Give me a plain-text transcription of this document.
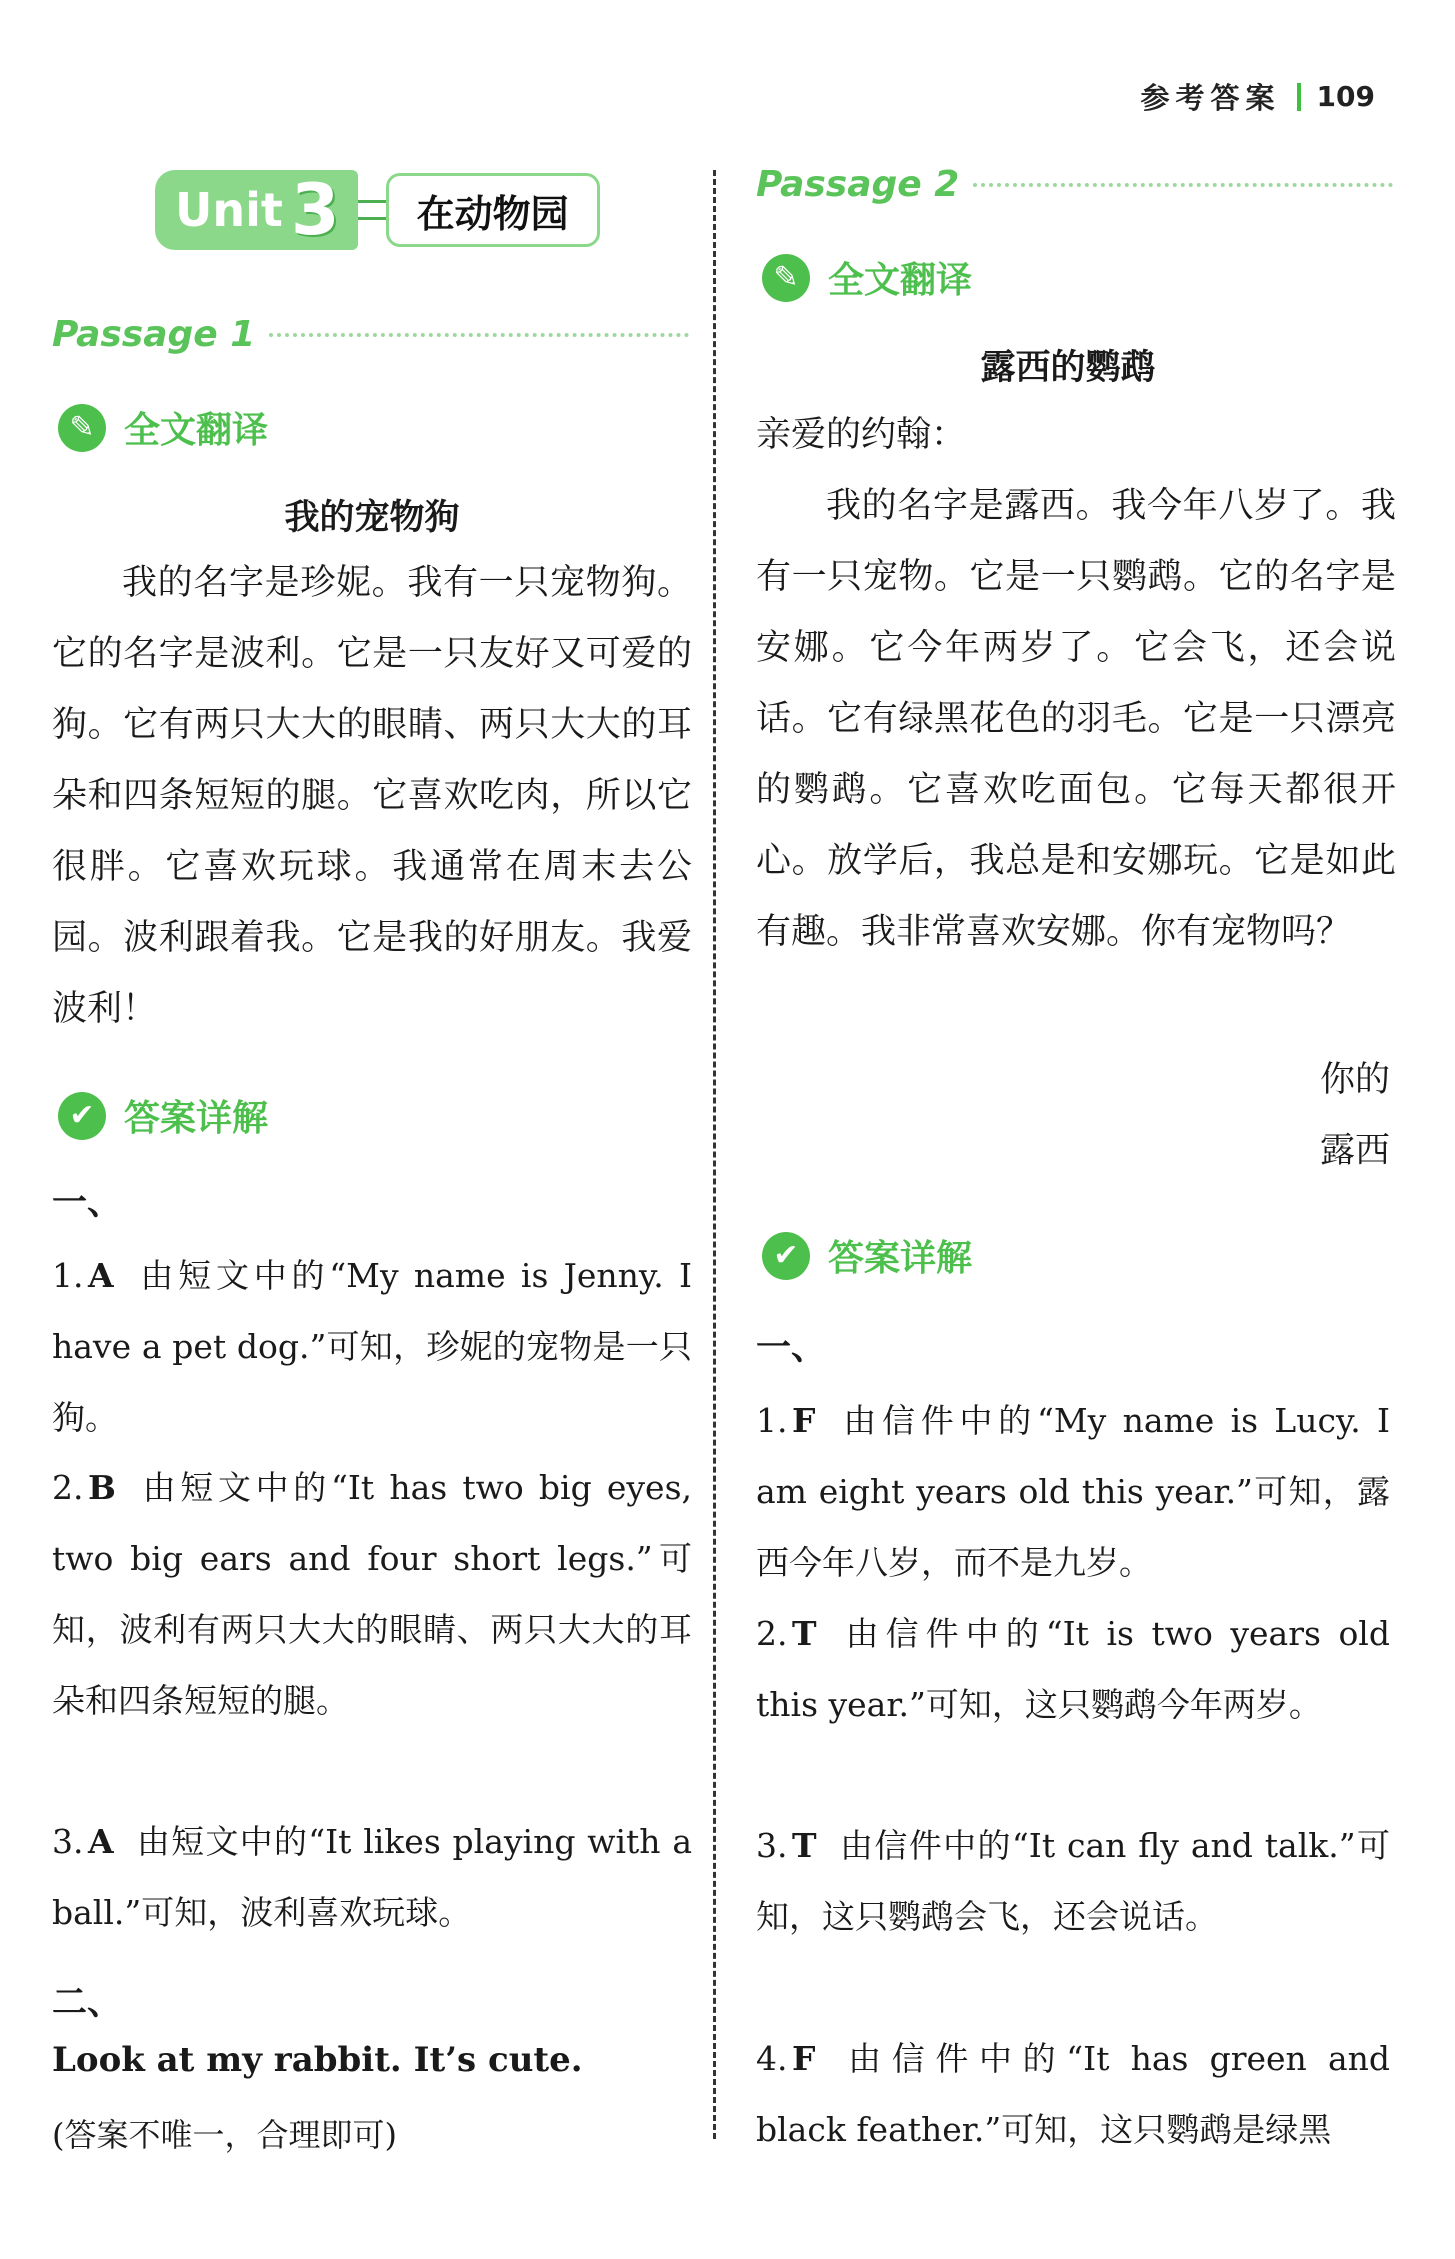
参考答案 109
Unit 3	在动物园
Passage 1
✎ 全文翻译
我的宠物狗

我的名字是珍妮。我有一只宠物狗。它的名字是波利。它是一只友好又可爱的狗。它有两只大大的眼睛、两只大大的耳朵和四条短短的腿。它喜欢吃肉，所以它很胖。它喜欢玩球。我通常在周末去公园。波利跟着我。它是我的好朋友。我爱波利！

✔ 答案详解
一、

1. A 由短文中的“My name is Jenny. I have a pet dog.”可知，珍妮的宠物是一只狗。

2. B 由短文中的“It has two big eyes, two big ears and four short legs.”可知，波利有两只大大的眼睛、两只大大的耳朵和四条短短的腿。

3. A 由短文中的“It likes playing with a ball.”可知，波利喜欢玩球。

二、
Look at my rabbit. It’s cute.
(答案不唯一，合理即可)
Passage 2
✎ 全文翻译
露西的鹦鹉

亲爱的约翰：

我的名字是露西。我今年八岁了。我有一只宠物。它是一只鹦鹉。它的名字是安娜。它今年两岁了。它会飞，还会说话。它有绿黑花色的羽毛。它是一只漂亮的鹦鹉。它喜欢吃面包。它每天都很开心。放学后，我总是和安娜玩。它是如此有趣。我非常喜欢安娜。你有宠物吗？

你的
露西
✔ 答案详解
一、

1. F 由信件中的“My name is Lucy. I am eight years old this year.”可知，露西今年八岁，而不是九岁。

2. T 由信件中的“It is two years old this year.”可知，这只鹦鹉今年两岁。

3. T 由信件中的“It can fly and talk.”可知，这只鹦鹉会飞，还会说话。

4. F 由信件中的“It has green and black feather.”可知，这只鹦鹉是绿黑
